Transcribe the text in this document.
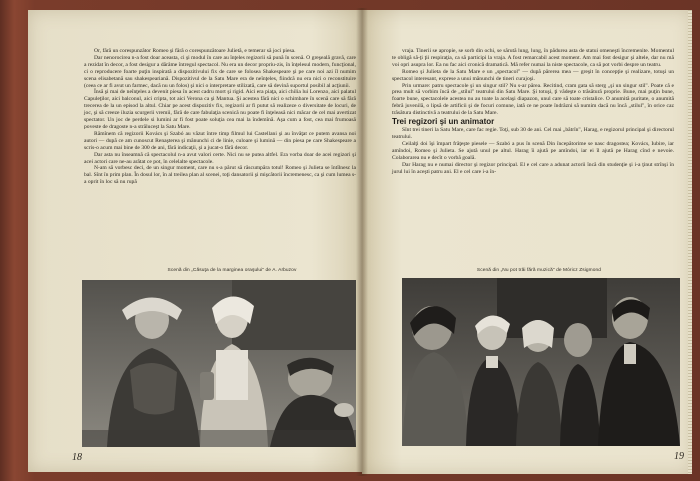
Or, fără un corespunzător Romeo şi fără o corespunzătoare Julietă, e temerar să joci piesa.

Dar nenorocirea n-a fost doar aceasta, ci şi modul în care au înţeles regizorii să pună în scenă. O greşeală gravă, care a rezidat în decor, a fost desigur a dărâme întregul spectacol. Nu era un decor propriu-zis, în înţelesul modern, funcţional, ci o reproducere foarte puţin inspirată a dispozitivului fix de care se folosea Shakespeare şi pe care noi azi îl numim scena elisabetană sau shakespeariană. Dispozitivul de la Satu Mare era de neînţeles, fiindcă nu era nici o reconstituire (ceea ce ar fi avut un farmec, dacă nu un folos) şi nici o interpretare stilizată, care să devină suportul posibil al acţiunii.

Însă şi mai de neînţeles a devenit piesa în acest cadru mort şi rigid. Aici era piaţa, aici chilia lui Lorenzo, aici palatul Capuleţilor, aici balconul, aici cripta, tot aici Verona ca şi Mantua. Şi acestea fără nici o schimbare în scenă care să fără trecerea de la un episod la altul. Chiar pe acest dispozitiv fix, regizorii ar fi putut să realizeze o diversitate de locuri, de joc, şi să creeze iluzia scurgerii vremii, fără de care fabulaţia scenică nu poate fi înţeleasă nici măcar de cel mai avertizat spectator. Un joc de perdele si lumini ar fi fost poate soluţia cea mai la îndemînă. Aşa cum a fost, cea mai frumoasă poveste de dragoste n-a străluceşt la Satu Mare.

Rămînem că regizorii Kovács şi Szabó au văzut între timp filmul lui Castellani şi au învăţat ce putem avansa noi autori — după ce am cunoscut Renaşterea şi mănunchi ci de linie, culoare şi lumină — din piesa pe care Shakespeare a scris-o acum mai bine de 300 de ani, fără indicaţii, şi a jucat-o fără decor.

Dar asta nu înseamnă că spectacolul n-a avut valori certe. Nici nu se putea altfel. Era vorba doar de acei regizori şi acei actori care ne-au arătat ce pot, în celelalte spectacole.

N-am să vorbesc deci, de un singur moment, care nu s-a părut să răscumpăra totul! Romeo şi Julieta se întîlnesc la bal. Sînt în prim plan. În dosul lor, în al treilea plan al scenei, toţi dansatorii şi mişcătorii încremenesc, ca şi cum lumea s-a oprit în loc să nu rupă

Scenă din „Căsuţa de la marginea oraşului" de A. Arbuzov
18

vraja. Tinerii se apropie, se sorb din ochi, se sărută lung, lung, în pădurea asta de statui omeneşti încremenite. Momentul te obligă să-ţi ţii respiraţia, ca să participi la vraja. A fost remarcabil acest moment. Am mai fost desigur şi altele, dar nu mă voi opri asupra lor. Ea nu fac aici cronică dramatică. Mă refer numai la niste spectacole, ca să pot vorbi despre un teatru.

Romeo şi Julieta de la Satu Mare e un „spectacol" — după părerea mea — greşit în concepţie şi realizare, totuşi un spectacol interesant, exprese a unui mănunchi de tineri curajoşi.

Prin urmare: patru spectacole şi un singur stil? Nu s-ar părea. Recitind, cram gata să sterg „şi un singur stil". Poate că e prea mult să vorbim încă de „stilul" teatrului din Satu Mare. Şi totuşi, ţi vădeşte o trăsătură proprie. Bune, mai puţin bune, foarte bune, spectacolele acestea nu au toate la acelaşi diapazon, unul care să toate cristalice. O anumită puritate, o anumită febră juvenilă, o lipsă de artificii şi de focuri comune, iată ce ne poate îndrăzni să numim dacă nu încă „stilul", în orice caz trăsătura distinctivă a teatrului de la Satu Mare.

Trei regizori şi un animator

Sînt trei tineri la Satu Mare, care fac regie. Toţi, sub 30 de ani. Cel mai „bătrîn", Harag, e regizorul principal şi directorul teatrului.

Ceilalţi doi îşi împart frăţeşte piesele — Szabó a pus în scenă Din începătorime se nasc dragostea; Kovács, Iubire, iar amîndoi, Romeo şi Julieta. Se ajută unul pe altul. Harag îi ajută pe amîndoi, iar ei îl ajută pe Harag cînd e nevoie. Colaborarea nu e decît o vorbă goală.

Dar Harag nu e numai director şi regizor principal. El e cel care a adunat actorii încă din studenţie şi i-a ţinut strînşi în jurul lui în aceşti patru ani. El e cel care i-a în-

Scenă din „Nu pot trăi fără muzică" de Móricz Zsigmond
19
